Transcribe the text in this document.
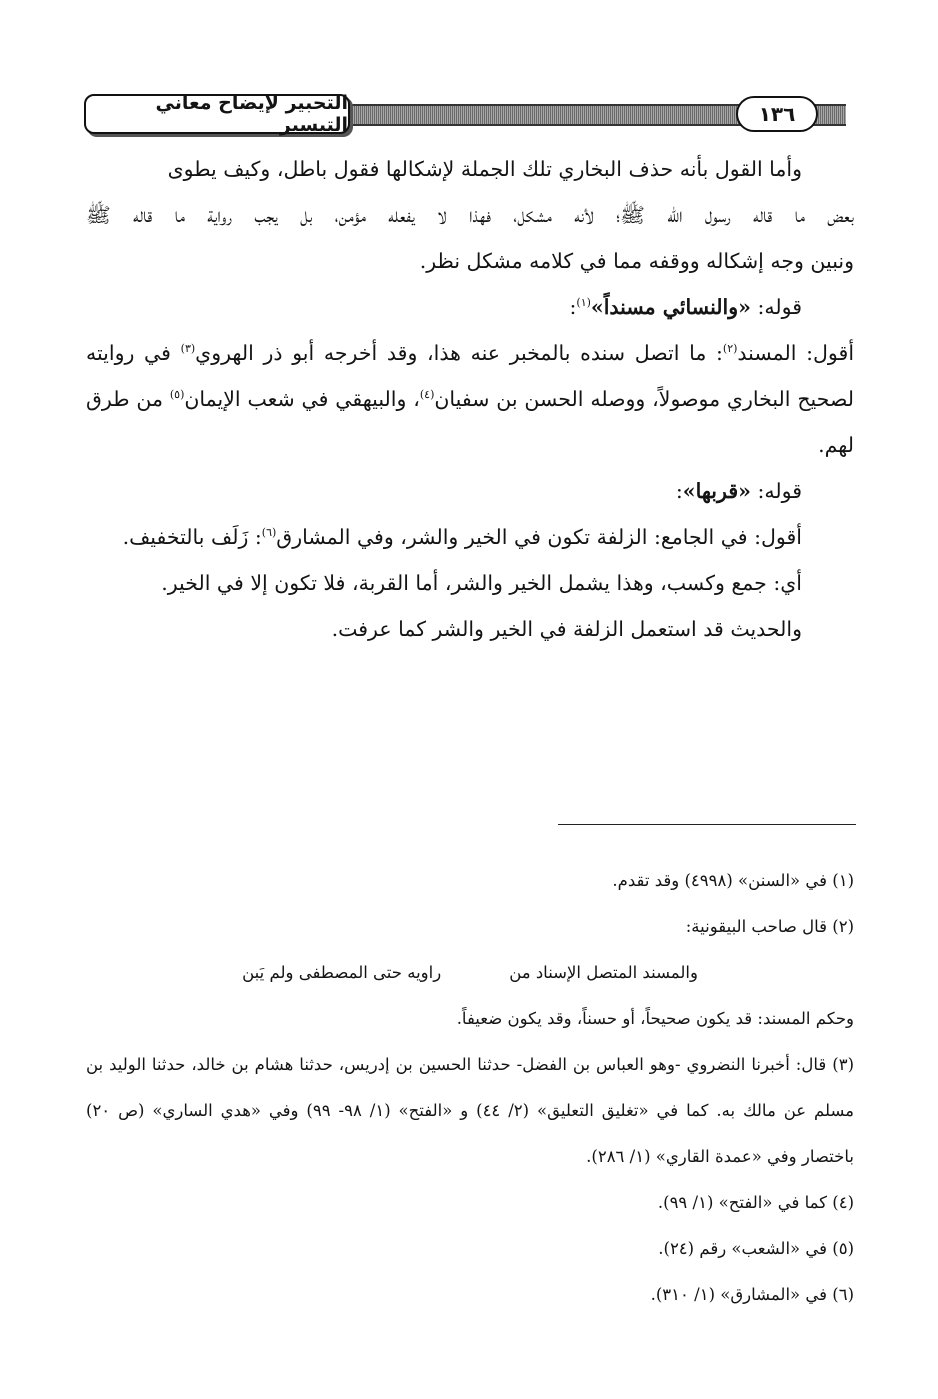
التحبير لإيضاح معاني التيسير	١٣٦

وأما القول بأنه حذف البخاري تلك الجملة لإشكالها فقول باطل، وكيف يطوى

بعض ما قاله رسول الله ﷺ؛ لأنه مشكل، فهذا لا يفعله مؤمن، بل يجب رواية ما قاله ﷺ

ونبين وجه إشكاله ووقفه مما في كلامه مشكل نظر.

قوله: «والنسائي مسنداً»$^{(١)}$:

أقول: المسند$^{(٢)}$: ما اتصل سنده بالمخبر عنه هذا، وقد أخرجه أبو ذر الهروي$^{(٣)}$ في روايته لصحيح البخاري موصولاً، ووصله الحسن بن سفيان$^{(٤)}$، والبيهقي في شعب الإيمان$^{(٥)}$ من طرق لهم.

قوله: «قربها»:

أقول: في الجامع: الزلفة تكون في الخير والشر، وفي المشارق$^{(٦)}$: زَلَف بالتخفيف.

أي: جمع وكسب، وهذا يشمل الخير والشر، أما القربة، فلا تكون إلا في الخير.

والحديث قد استعمل الزلفة في الخير والشر كما عرفت.

(١) في «السنن» (٤٩٩٨) وقد تقدم.

(٢) قال صاحب البيقونية:

والمسند المتصل الإسناد من
راويه حتى المصطفى ولم يَبن

وحكم المسند: قد يكون صحيحاً، أو حسناً، وقد يكون ضعيفاً.

(٣) قال: أخبرنا النضروي -وهو العباس بن الفضل- حدثنا الحسين بن إدريس، حدثنا هشام بن خالد، حدثنا الوليد بن مسلم عن مالك به. كما في «تغليق التعليق» (٢/ ٤٤) و «الفتح» (١/ ٩٨- ٩٩) وفي «هدي الساري» (ص ٢٠) باختصار وفي «عمدة القاري» (١/ ٢٨٦).

(٤) كما في «الفتح» (١/ ٩٩).

(٥) في «الشعب» رقم (٢٤).

(٦) في «المشارق» (١/ ٣١٠).
